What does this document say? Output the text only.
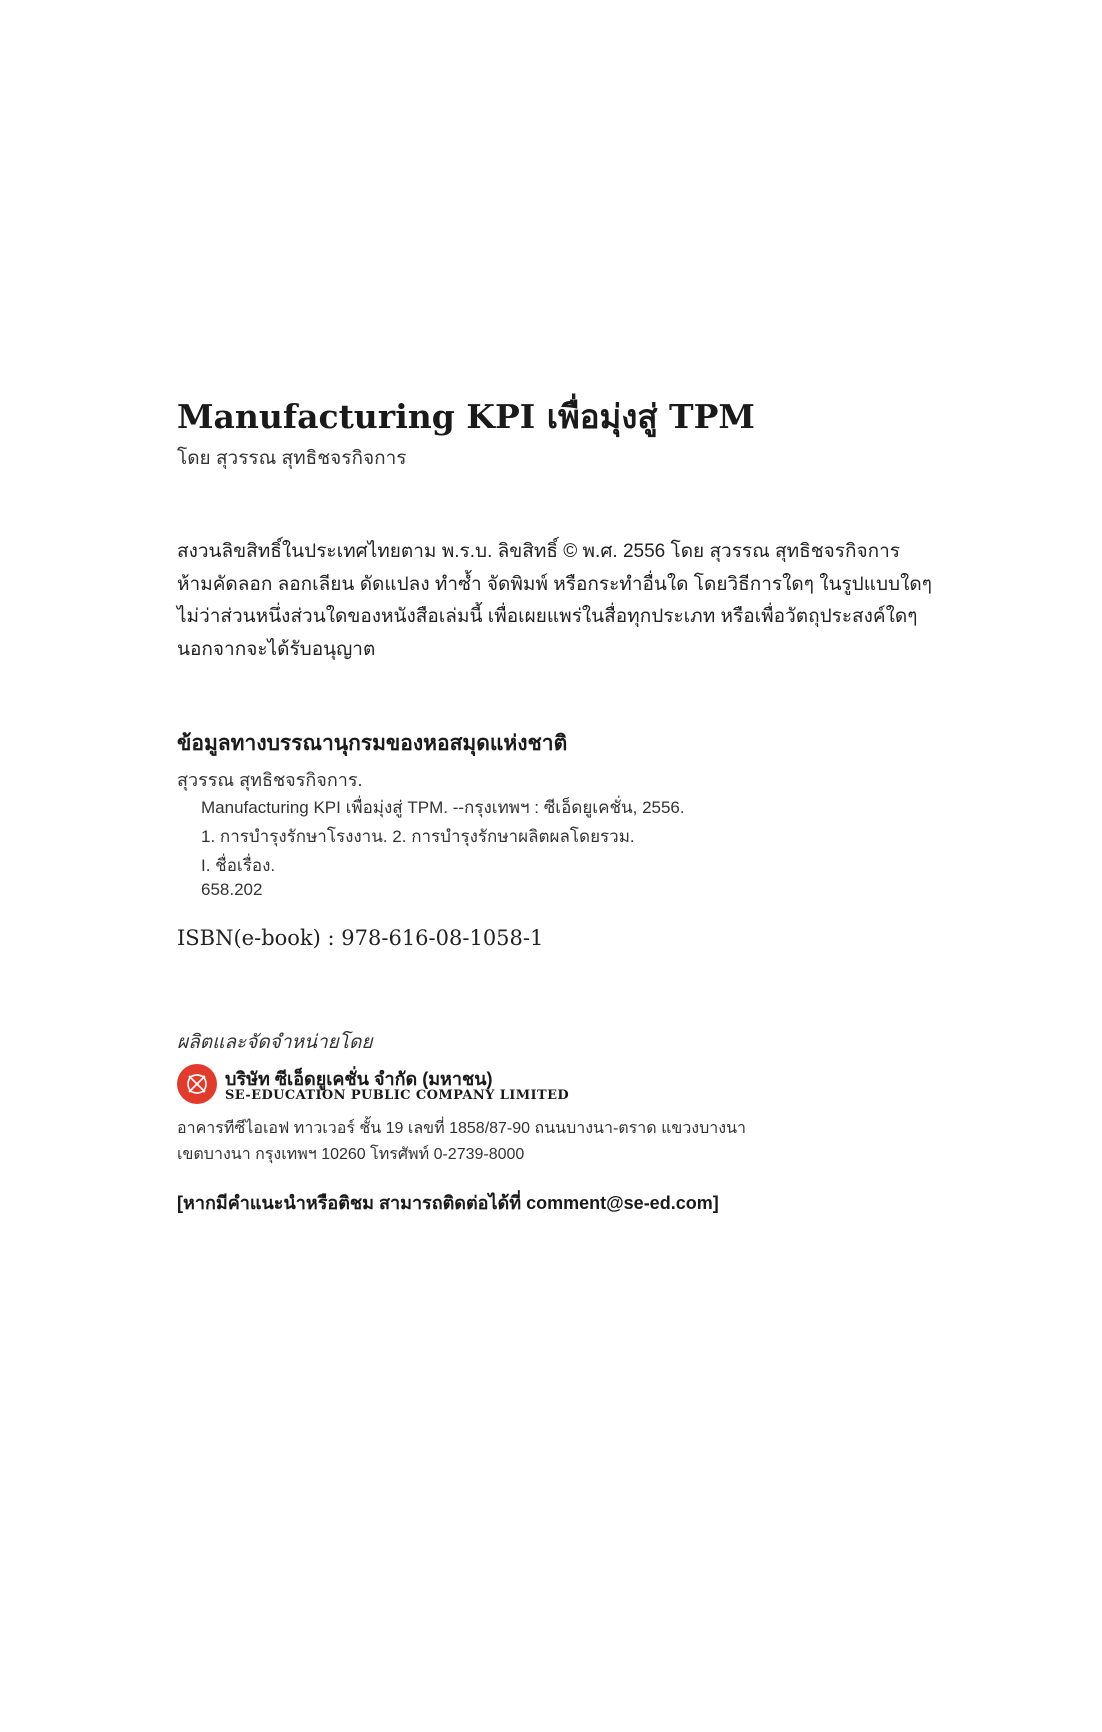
Manufacturing KPI เพื่อมุ่งสู่ TPM
โดย สุวรรณ สุทธิชจรกิจการ
สงวนลิขสิทธิ์ในประเทศไทยตาม พ.ร.บ. ลิขสิทธิ์ © พ.ศ. 2556 โดย สุวรรณ สุทธิชจรกิจการ
ห้ามคัดลอก ลอกเลียน ดัดแปลง ทำซ้ำ จัดพิมพ์ หรือกระทำอื่นใด โดยวิธีการใดๆ ในรูปแบบใดๆ
ไม่ว่าส่วนหนึ่งส่วนใดของหนังสือเล่มนี้ เพื่อเผยแพร่ในสื่อทุกประเภท หรือเพื่อวัตถุประสงค์ใดๆ
นอกจากจะได้รับอนุญาต
ข้อมูลทางบรรณานุกรมของหอสมุดแห่งชาติ
สุวรรณ สุทธิชจรกิจการ.
Manufacturing KPI เพื่อมุ่งสู่ TPM. --กรุงเทพฯ : ซีเอ็ดยูเคชั่น, 2556.
1. การบำรุงรักษาโรงงาน. 2. การบำรุงรักษาผลิตผลโดยรวม.
I. ชื่อเรื่อง.
658.202
ISBN(e-book) : 978-616-08-1058-1
ผลิตและจัดจำหน่ายโดย
บริษัท ซีเอ็ดยูเคชั่น จำกัด (มหาชน)
SE-EDUCATION PUBLIC COMPANY LIMITED
อาคารทีซีไอเอฟ ทาวเวอร์ ชั้น 19 เลขที่ 1858/87-90 ถนนบางนา-ตราด แขวงบางนา
เขตบางนา กรุงเทพฯ 10260 โทรศัพท์ 0-2739-8000
[หากมีคำแนะนำหรือติชม สามารถติดต่อได้ที่ comment@se-ed.com]
